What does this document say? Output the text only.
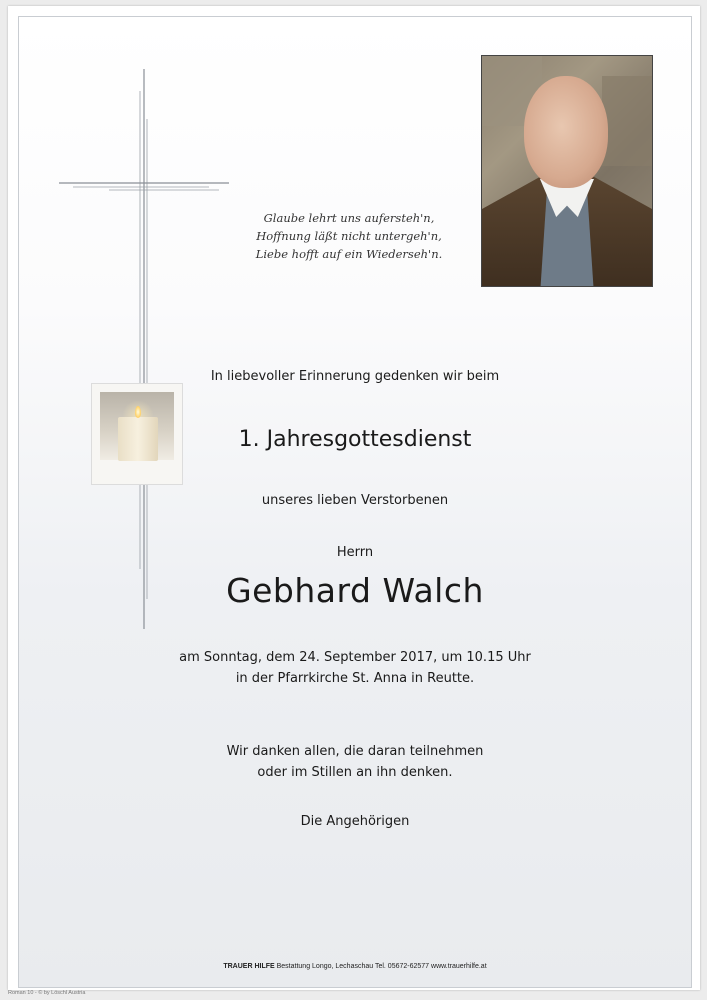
Glaube lehrt uns aufersteh'n,
Hoffnung läßt nicht untergeh'n,
Liebe hofft auf ein Wiederseh'n.
In liebevoller Erinnerung gedenken wir beim
1. Jahresgottesdienst
unseres lieben Verstorbenen
Herrn
Gebhard Walch
am Sonntag, dem 24. September 2017, um 10.15 Uhr
in der Pfarrkirche St. Anna in Reutte.
Wir danken allen, die daran teilnehmen
oder im Stillen an ihn denken.
Die Angehörigen
TRAUER HILFE Bestattung Longo, Lechaschau Tel. 05672-62577 www.trauerhilfe.at
Roman 10 - © by Löschl Austria
